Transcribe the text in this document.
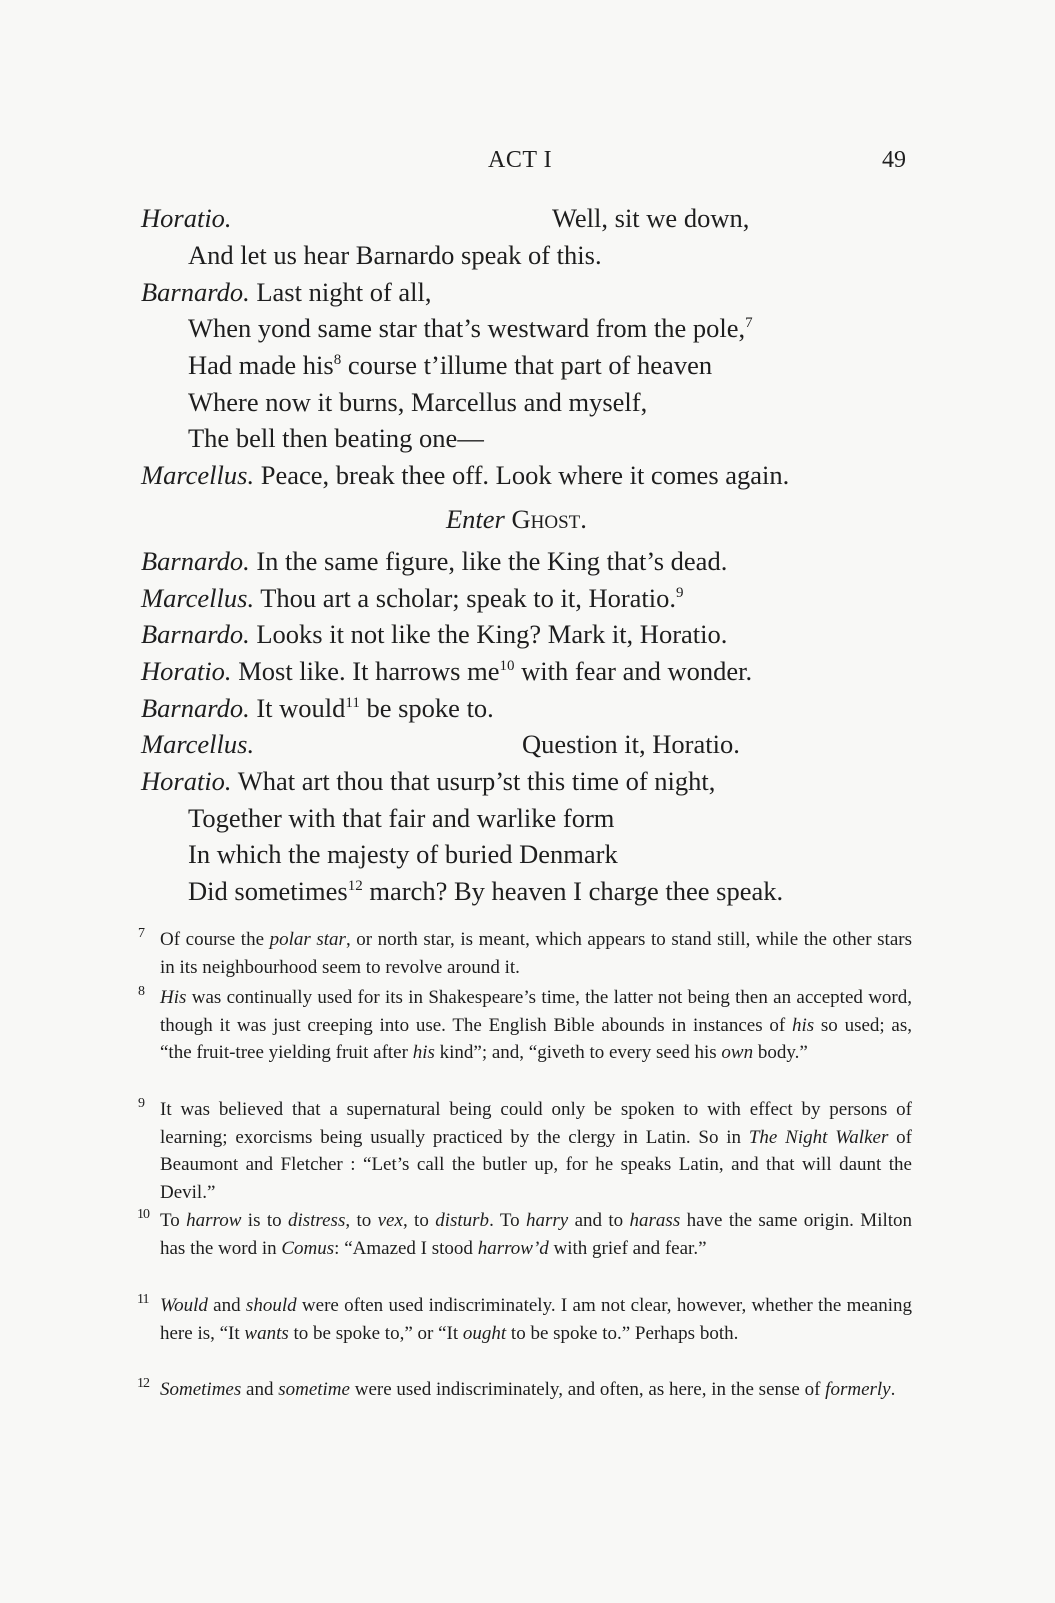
ACT I	49
Horatio.	Well, sit we down,
And let us hear Barnardo speak of this.
Barnardo. Last night of all,
When yond same star that’s westward from the pole,$^7$
Had made his$^8$ course t’illume that part of heaven
Where now it burns, Marcellus and myself,
The bell then beating one—
Marcellus. Peace, break thee off. Look where it comes again.
Enter Ghost.
Barnardo. In the same figure, like the King that’s dead.
Marcellus. Thou art a scholar; speak to it, Horatio.$^9$
Barnardo. Looks it not like the King? Mark it, Horatio.
Horatio. Most like. It harrows me$^{10}$ with fear and wonder.
Barnardo. It would$^{11}$ be spoke to.
Marcellus.	Question it, Horatio.
Horatio. What art thou that usurp’st this time of night,
Together with that fair and warlike form
In which the majesty of buried Denmark
Did sometimes$^{12}$ march? By heaven I charge thee speak.
7 Of course the polar star, or north star, is meant, which appears to stand still, while the other stars in its neighbourhood seem to revolve around it.
8 His was continually used for its in Shakespeare’s time, the latter not being then an accepted word, though it was just creeping into use. The English Bible abounds in instances of his so used; as, “the fruit-tree yielding fruit after his kind”; and, “giveth to every seed his own body.”
9 It was believed that a supernatural being could only be spoken to with effect by persons of learning; exorcisms being usually practiced by the clergy in Latin. So in The Night Walker of Beaumont and Fletcher : “Let’s call the butler up, for he speaks Latin, and that will daunt the Devil.”
10 To harrow is to distress, to vex, to disturb. To harry and to harass have the same origin. Milton has the word in Comus: “Amazed I stood harrow’d with grief and fear.”
11 Would and should were often used indiscriminately. I am not clear, however, whether the meaning here is, “It wants to be spoke to,” or “It ought to be spoke to.” Perhaps both.
12 Sometimes and sometime were used indiscriminately, and often, as here, in the sense of formerly.
